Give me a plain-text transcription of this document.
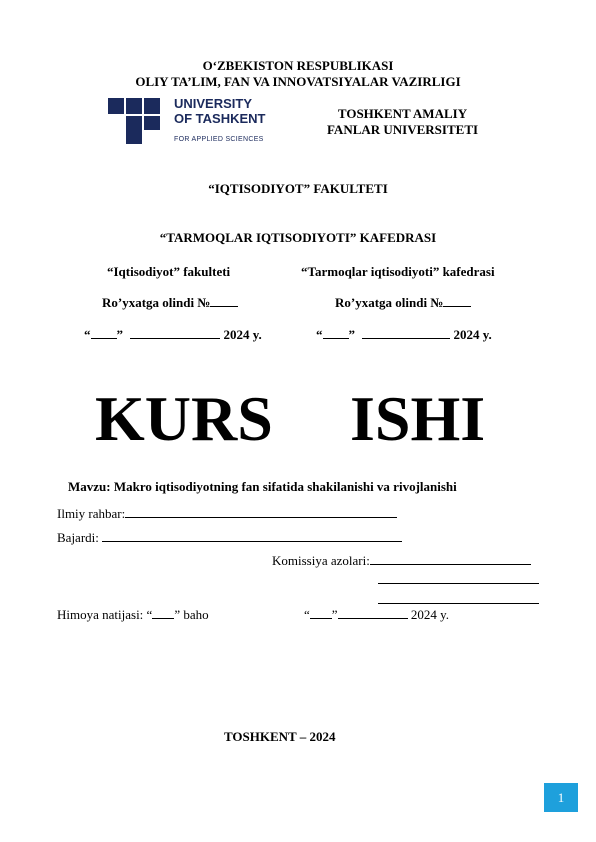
O‘ZBEKISTON RESPUBLIKASI
OLIY TA’LIM, FAN VA INNOVATSIYALAR VAZIRLIGI
UNIVERSITY
OF TASHKENT
FOR APPLIED SCIENCES
TOSHKENT AMALIY
FANLAR UNIVERSITETI
“IQTISODIYOT” FAKULTETI
“TARMOQLAR IQTISODIYOTI” KAFEDRASI
“Iqtisodiyot” fakulteti
Ro’yxatga olindi №
“ ”	2024 y.
“Tarmoqlar iqtisodiyoti” kafedrasi
Ro’yxatga olindi №
“ ”	2024 y.
KURS ISHI
Mavzu: Makro iqtisodiyotning fan sifatida shakilanishi va rivojlanishi
Ilmiy rahbar:
Bajardi:
Komissiya azolari:
Himoya natijasi: “ ” baho	“ ”	2024 y.
TOSHKENT – 2024
1
